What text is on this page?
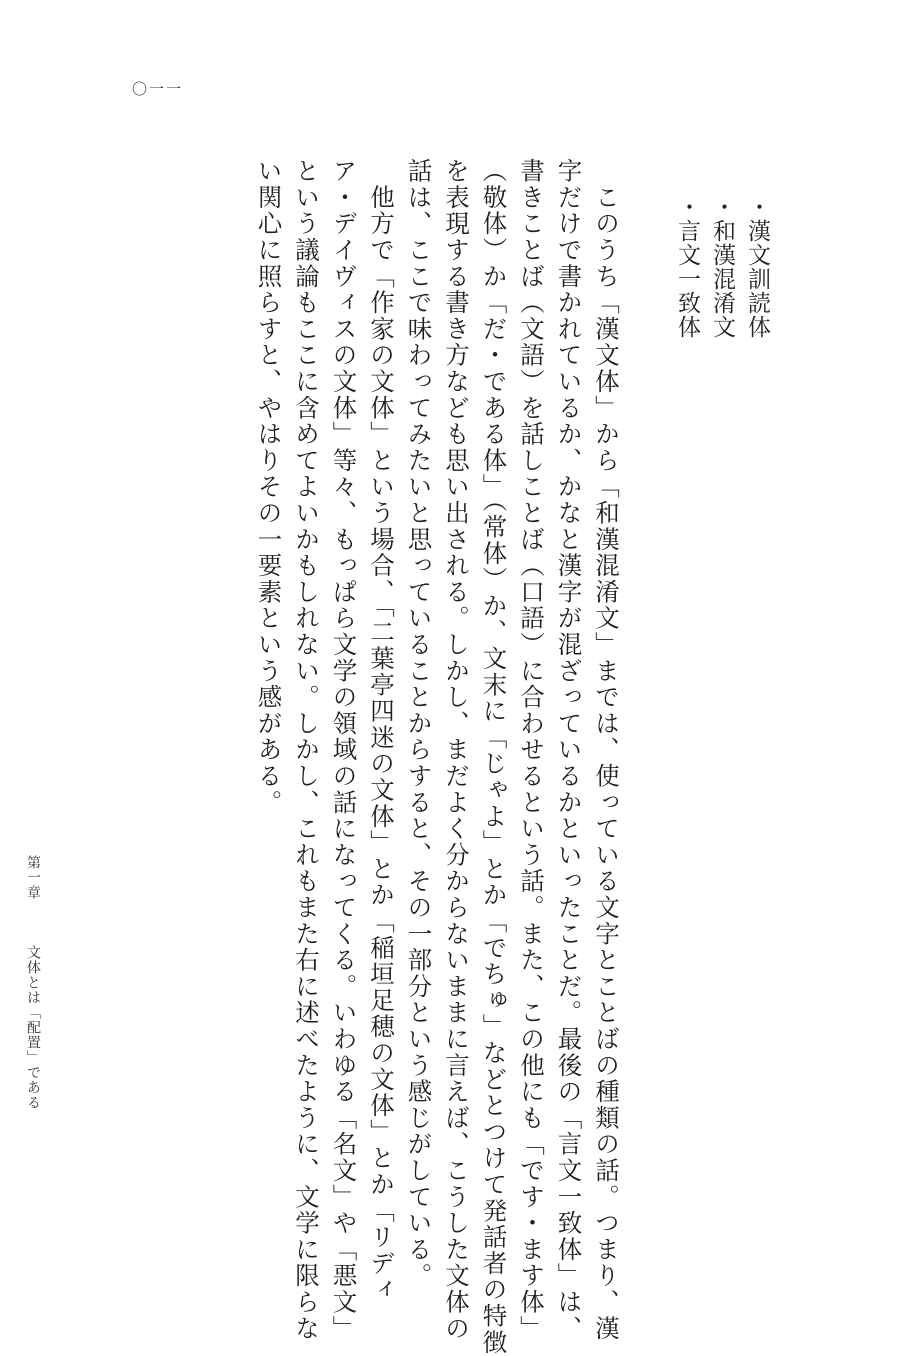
〇一一
・漢文訓読体
・和漢混淆文
・言文一致体
　このうち「漢文体」から「和漢混淆文」までは、使っている文字とことばの種類の話。つまり、漢
字だけで書かれているか、かなと漢字が混ざっているかといったことだ。最後の「言文一致体」は、
書きことば（文語）を話しことば（口語）に合わせるという話。また、この他にも「です・ます体」
（敬体）か「だ・である体」（常体）か、文末に「じゃよ」とか「でちゅ」などとつけて発話者の特徴
を表現する書き方なども思い出される。しかし、まだよく分からないままに言えば、こうした文体の
話は、ここで味わってみたいと思っていることからすると、その一部分という感じがしている。
　他方で「作家の文体」という場合、「二葉亭四迷の文体」とか「稲垣足穂の文体」とか「リディ
ア・デイヴィスの文体」等々、もっぱら文学の領域の話になってくる。いわゆる「名文」や「悪文」
という議論もここに含めてよいかもしれない。しかし、これもまた右に述べたように、文学に限らな
い関心に照らすと、やはりその一要素という感がある。
第一章
文体とは「配置」である
